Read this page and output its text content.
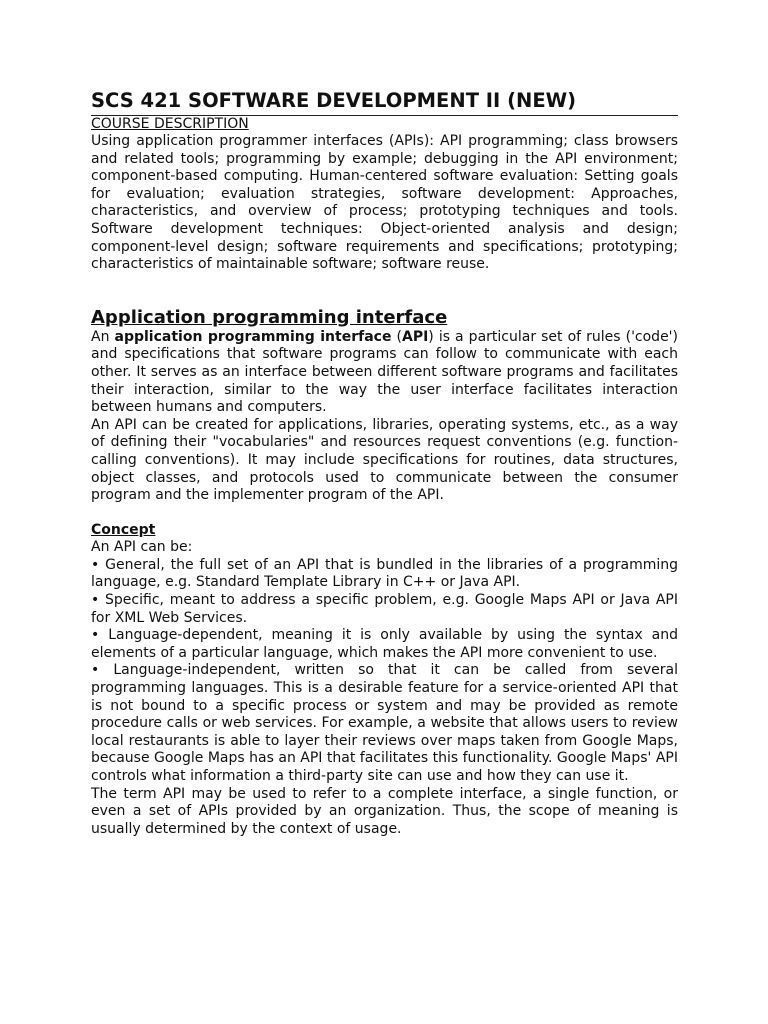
SCS 421 SOFTWARE DEVELOPMENT II (NEW)
COURSE DESCRIPTION

Using application programmer interfaces (APIs): API programming; class browsers and related tools; programming by example; debugging in the API environment; component-based computing. Human-centered software evaluation: Setting goals for evaluation; evaluation strategies, software development: Approaches, characteristics, and overview of process; prototyping techniques and tools. Software development techniques: Object-oriented analysis and design; component-level design; software requirements and specifications; prototyping; characteristics of maintainable software; software reuse.

Application programming interface

An application programming interface (API) is a particular set of rules ('code') and specifications that software programs can follow to communicate with each other. It serves as an interface between different software programs and facilitates their interaction, similar to the way the user interface facilitates interaction between humans and computers.

An API can be created for applications, libraries, operating systems, etc., as a way of defining their "vocabularies" and resources request conventions (e.g. function-calling conventions). It may include specifications for routines, data structures, object classes, and protocols used to communicate between the consumer program and the implementer program of the API.

Concept

An API can be:

• General, the full set of an API that is bundled in the libraries of a programming language, e.g. Standard Template Library in C++ or Java API.

• Specific, meant to address a specific problem, e.g. Google Maps API or Java API for XML Web Services.

• Language-dependent, meaning it is only available by using the syntax and elements of a particular language, which makes the API more convenient to use.

• Language-independent, written so that it can be called from several programming languages. This is a desirable feature for a service-oriented API that is not bound to a specific process or system and may be provided as remote procedure calls or web services. For example, a website that allows users to review local restaurants is able to layer their reviews over maps taken from Google Maps, because Google Maps has an API that facilitates this functionality. Google Maps' API controls what information a third-party site can use and how they can use it.

The term API may be used to refer to a complete interface, a single function, or even a set of APIs provided by an organization. Thus, the scope of meaning is usually determined by the context of usage.
